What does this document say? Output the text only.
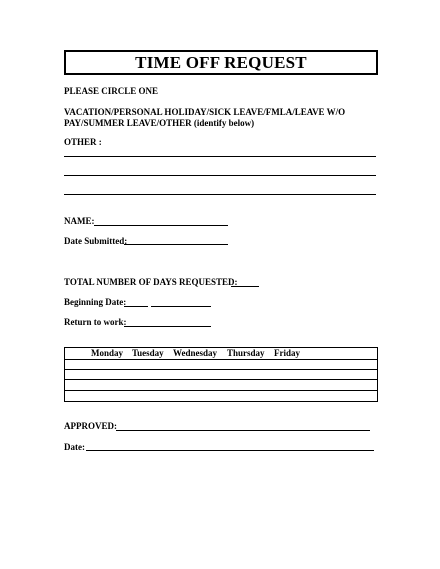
TIME OFF REQUEST
PLEASE CIRCLE ONE
VACATION/PERSONAL HOLIDAY/SICK LEAVE/FMLA/LEAVE W/O
PAY/SUMMER LEAVE/OTHER (identify below)
OTHER :
NAME:
Date Submitted:
TOTAL NUMBER OF DAYS REQUESTED:
Beginning Date:
Return to work:
Monday Tuesday Wednesday Thursday Friday
APPROVED:
Date:
